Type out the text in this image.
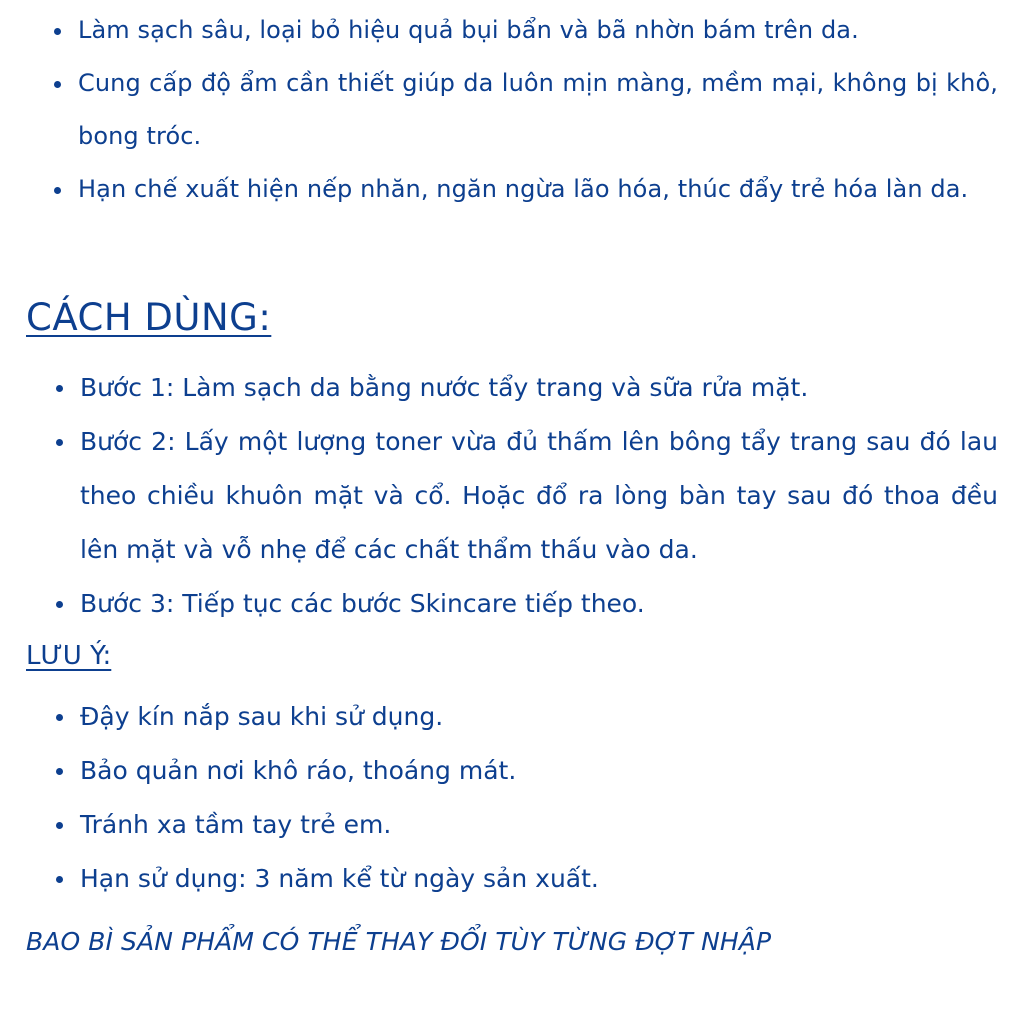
Làm sạch sâu, loại bỏ hiệu quả bụi bẩn và bã nhờn bám trên da.
Cung cấp độ ẩm cần thiết giúp da luôn mịn màng, mềm mại, không bị khô, bong tróc.
Hạn chế xuất hiện nếp nhăn, ngăn ngừa lão hóa, thúc đẩy trẻ hóa làn da.
CÁCH DÙNG:
Bước 1: Làm sạch da bằng nước tẩy trang và sữa rửa mặt.
Bước 2: Lấy một lượng toner vừa đủ thấm lên bông tẩy trang sau đó lau theo chiều khuôn mặt và cổ. Hoặc đổ ra lòng bàn tay sau đó thoa đều lên mặt và vỗ nhẹ để các chất thẩm thấu vào da.
Bước 3: Tiếp tục các bước Skincare tiếp theo.
LƯU Ý:
Đậy kín nắp sau khi sử dụng.
Bảo quản nơi khô ráo, thoáng mát.
Tránh xa tầm tay trẻ em.
Hạn sử dụng: 3 năm kể từ ngày sản xuất.

BAO BÌ SẢN PHẨM CÓ THỂ THAY ĐỔI TÙY TỪNG ĐỢT NHẬP
